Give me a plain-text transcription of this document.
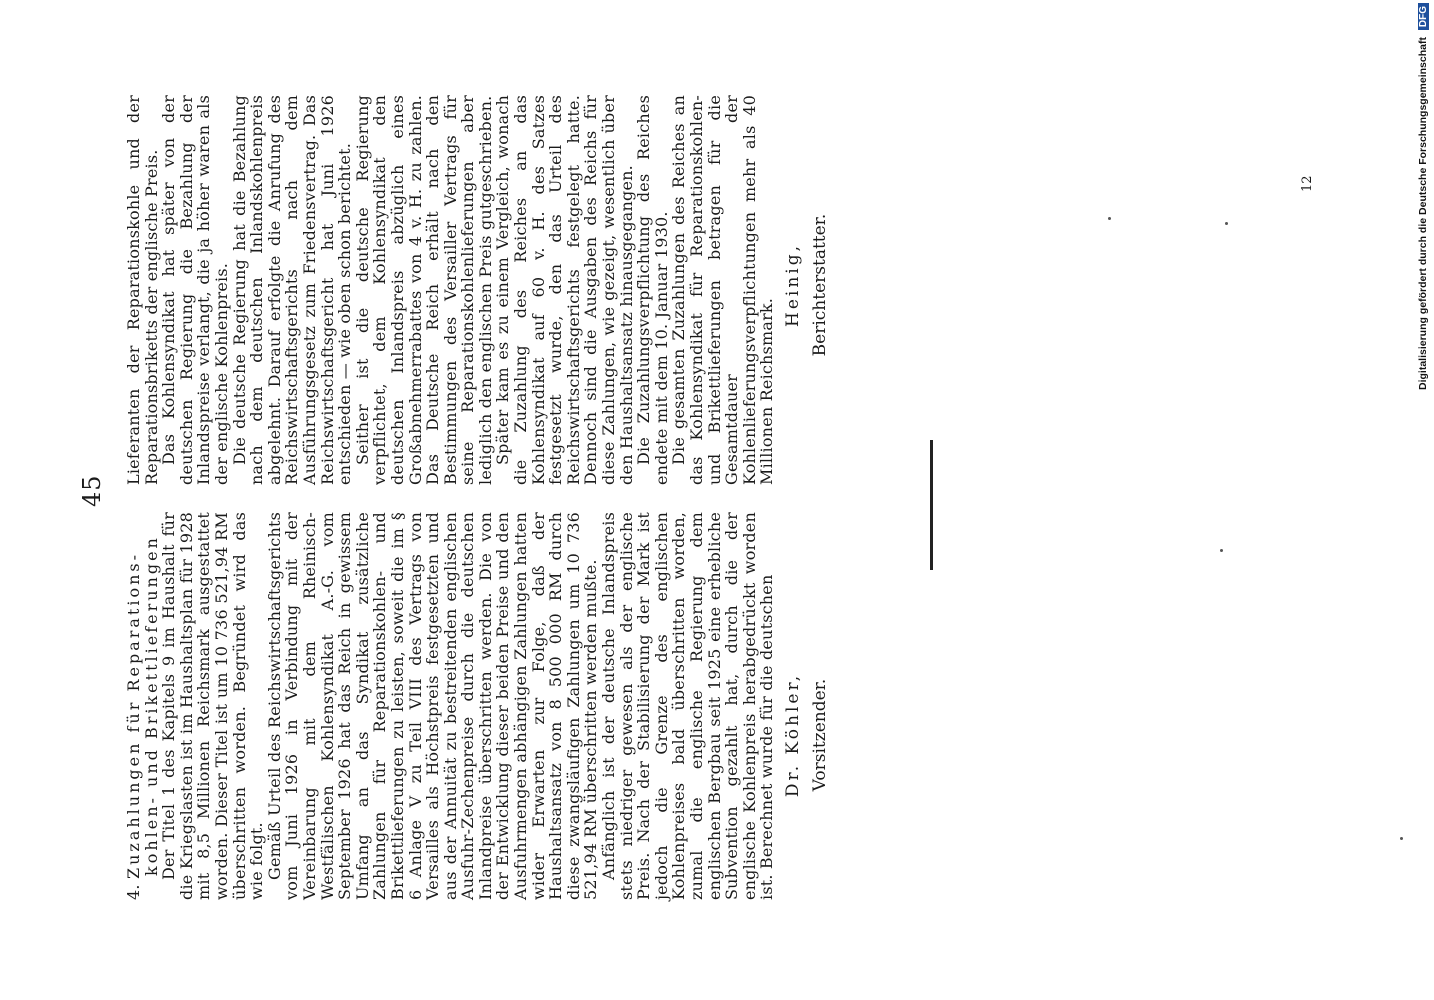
45

4. Zuzahlungen für Reparations-
kohlen- und Brikettlieferungen

Der Titel 1 des Kapitels 9 im Haushalt für die Kriegslasten ist im Haushaltsplan für 1928 mit 8,5 Millionen Reichsmark ausgestattet worden. Dieser Titel ist um 10 736 521,94 RM überschritten worden. Begründet wird das wie folgt.

Gemäß Urteil des Reichswirtschaftsgerichts vom Juni 1926 in Verbindung mit der Vereinbarung mit dem Rheinisch-Westfälischen Kohlensyndikat A.-G. vom September 1926 hat das Reich in gewissem Umfang an das Syndikat zusätzliche Zahlungen für Reparationskohlen- und Brikettlieferungen zu leisten, soweit die im § 6 Anlage V zu Teil VIII des Vertrags von Versailles als Höchstpreis festgesetzten und aus der Annuität zu bestreitenden englischen Ausfuhr-Zechenpreise durch die deutschen Inlandpreise überschritten werden. Die von der Entwicklung dieser beiden Preise und den Ausfuhrmengen abhängigen Zahlungen hatten wider Erwarten zur Folge, daß der Haushaltsansatz von 8 500 000 RM durch diese zwangsläufigen Zahlungen um 10 736 521,94 RM überschritten werden mußte.

Anfänglich ist der deutsche Inlandspreis stets niedriger gewesen als der englische Preis. Nach der Stabilisierung der Mark ist jedoch die Grenze des englischen Kohlenpreises bald überschritten worden, zumal die englische Regierung dem englischen Bergbau seit 1925 eine erhebliche Subvention gezahlt hat, durch die der englische Kohlenpreis herabgedrückt worden ist. Berechnet wurde für die deutschen

Lieferanten der Reparationskohle und der Reparationsbriketts der englische Preis.

Das Kohlensyndikat hat später von der deutschen Regierung die Bezahlung der Inlandspreise verlangt, die ja höher waren als der englische Kohlenpreis.

Die deutsche Regierung hat die Bezahlung nach dem deutschen Inlandskohlenpreis abgelehnt. Darauf erfolgte die Anrufung des Reichswirtschaftsgerichts nach dem Ausführungsgesetz zum Friedensvertrag. Das Reichswirtschaftsgericht hat Juni 1926 entschieden — wie oben schon berichtet.

Seither ist die deutsche Regierung verpflichtet, dem Kohlensyndikat den deutschen Inlandspreis abzüglich eines Großabnehmerrabattes von 4 v. H. zu zahlen. Das Deutsche Reich erhält nach den Bestimmungen des Versailler Vertrags für seine Reparationskohlenlieferungen aber lediglich den englischen Preis gutgeschrieben.

Später kam es zu einem Vergleich, wonach die Zuzahlung des Reiches an das Kohlensyndikat auf 60 v. H. des Satzes festgesetzt wurde, den das Urteil des Reichswirtschaftsgerichts festgelegt hatte. Dennoch sind die Ausgaben des Reichs für diese Zahlungen, wie gezeigt, wesentlich über den Haushaltsansatz hinausgegangen.

Die Zuzahlungsverpflichtung des Reiches endete mit dem 10. Januar 1930.

Die gesamten Zuzahlungen des Reiches an das Kohlensyndikat für Reparationskohlen- und Brikettlieferungen betragen für die Gesamtdauer der Kohlenlieferungsverpflichtungen mehr als 40 Millionen Reichsmark.

Dr. Köhler, Vorsitzender.
Heinig, Berichterstatter.
12	Digitalisierung gefördert durch die Deutsche Forschungsgemeinschaft DFG
